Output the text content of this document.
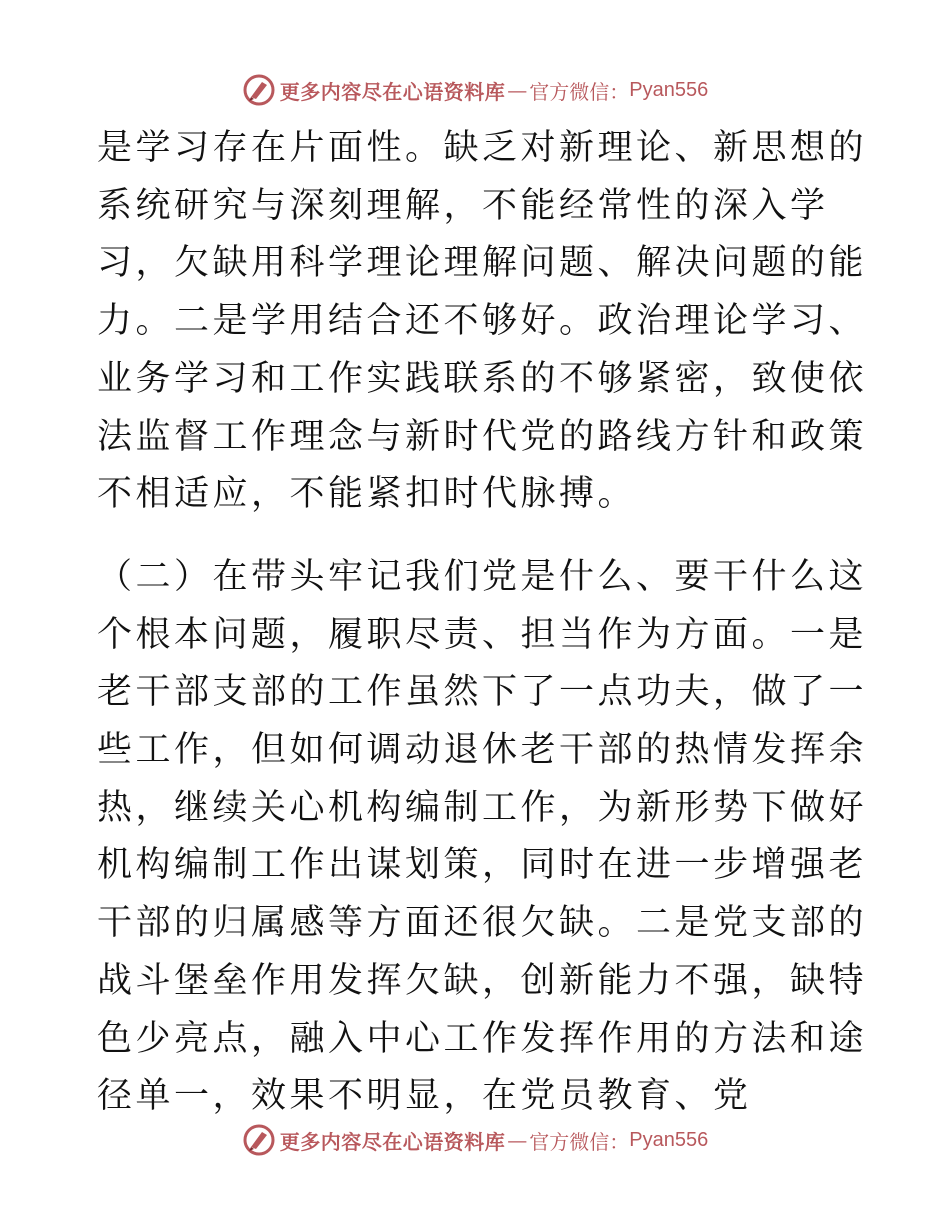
更多内容尽在心语资料库 — 官方微信： Pyan556

是学习存在片面性。缺乏对新理论、新思想的系统研究与深刻理解，不能经常性的深入学习，欠缺用科学理论理解问题、解决问题的能力。二是学用结合还不够好。政治理论学习、业务学习和工作实践联系的不够紧密，致使依法监督工作理念与新时代党的路线方针和政策不相适应，不能紧扣时代脉搏。

（二）在带头牢记我们党是什么、要干什么这个根本问题，履职尽责、担当作为方面。一是老干部支部的工作虽然下了一点功夫，做了一些工作，但如何调动退休老干部的热情发挥余热，继续关心机构编制工作，为新形势下做好机构编制工作出谋划策，同时在进一步增强老干部的归属感等方面还很欠缺。二是党支部的战斗堡垒作用发挥欠缺，创新能力不强，缺特色少亮点，融入中心工作发挥作用的方法和途径单一，效果不明显，在党员教育、党

更多内容尽在心语资料库 — 官方微信： Pyan556
